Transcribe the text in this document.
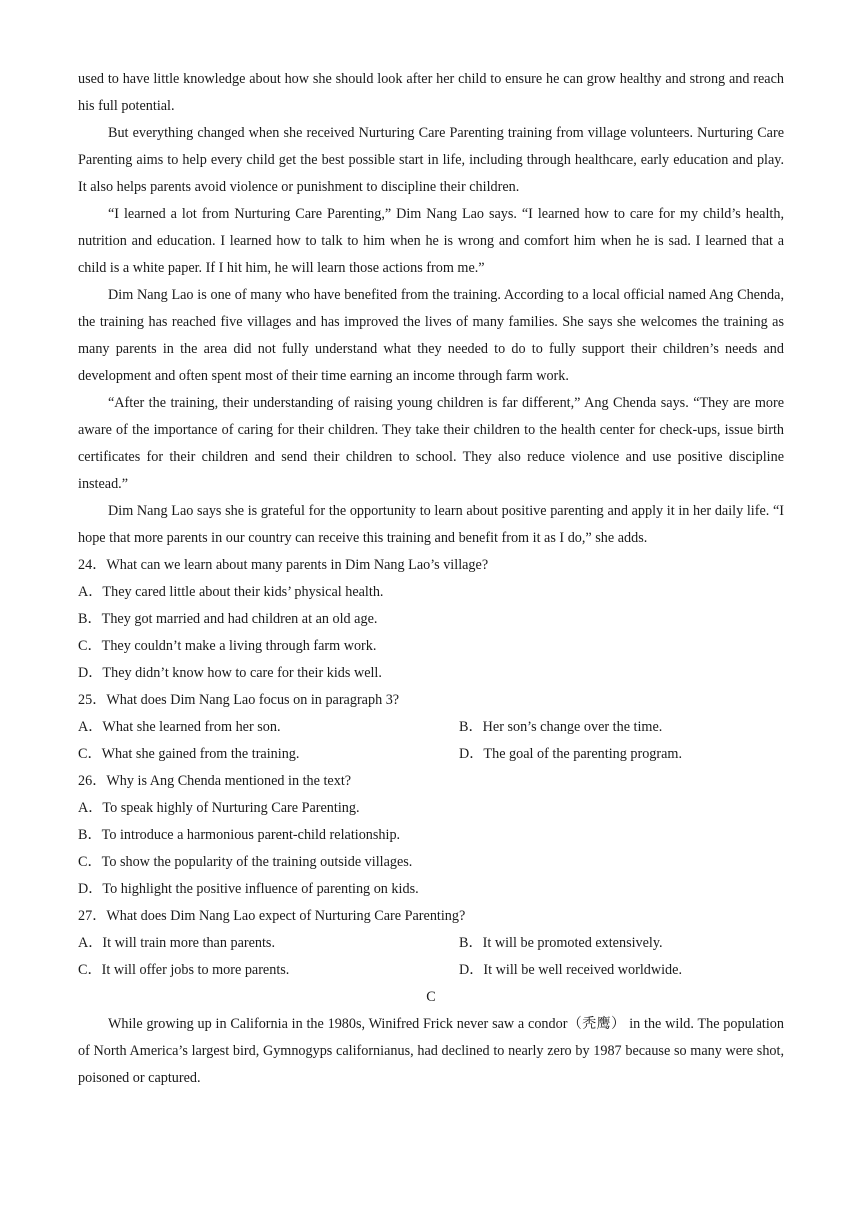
used to have little knowledge about how she should look after her child to ensure he can grow healthy and strong and reach his full potential.

But everything changed when she received Nurturing Care Parenting training from village volunteers. Nurturing Care Parenting aims to help every child get the best possible start in life, including through healthcare, early education and play. It also helps parents avoid violence or punishment to discipline their children.

“I learned a lot from Nurturing Care Parenting,” Dim Nang Lao says. “I learned how to care for my child’s health, nutrition and education. I learned how to talk to him when he is wrong and comfort him when he is sad. I learned that a child is a white paper. If I hit him, he will learn those actions from me.”

Dim Nang Lao is one of many who have benefited from the training. According to a local official named Ang Chenda, the training has reached five villages and has improved the lives of many families. She says she welcomes the training as many parents in the area did not fully understand what they needed to do to fully support their children’s needs and development and often spent most of their time earning an income through farm work.

“After the training, their understanding of raising young children is far different,” Ang Chenda says. “They are more aware of the importance of caring for their children. They take their children to the health center for check-ups, issue birth certificates for their children and send their children to school. They also reduce violence and use positive discipline instead.”

Dim Nang Lao says she is grateful for the opportunity to learn about positive parenting and apply it in her daily life. “I hope that more parents in our country can receive this training and benefit from it as I do,” she adds.

24．What can we learn about many parents in Dim Nang Lao’s village?

A．They cared little about their kids’ physical health.

B．They got married and had children at an old age.

C．They couldn’t make a living through farm work.

D．They didn’t know how to care for their kids well.

25．What does Dim Nang Lao focus on in paragraph 3?

A．What she learned from her son.	B．Her son’s change over the time.
C．What she gained from the training.	D．The goal of the parenting program.

26．Why is Ang Chenda mentioned in the text?

A．To speak highly of Nurturing Care Parenting.

B．To introduce a harmonious parent-child relationship.

C．To show the popularity of the training outside villages.

D．To highlight the positive influence of parenting on kids.

27．What does Dim Nang Lao expect of Nurturing Care Parenting?

A．It will train more than parents.	B．It will be promoted extensively.
C．It will offer jobs to more parents.	D．It will be well received worldwide.

C

While growing up in California in the 1980s, Winifred Frick never saw a condor（秃鹰） in the wild. The population of North America’s largest bird, Gymnogyps californianus, had declined to nearly zero by 1987 because so many were shot, poisoned or captured.
